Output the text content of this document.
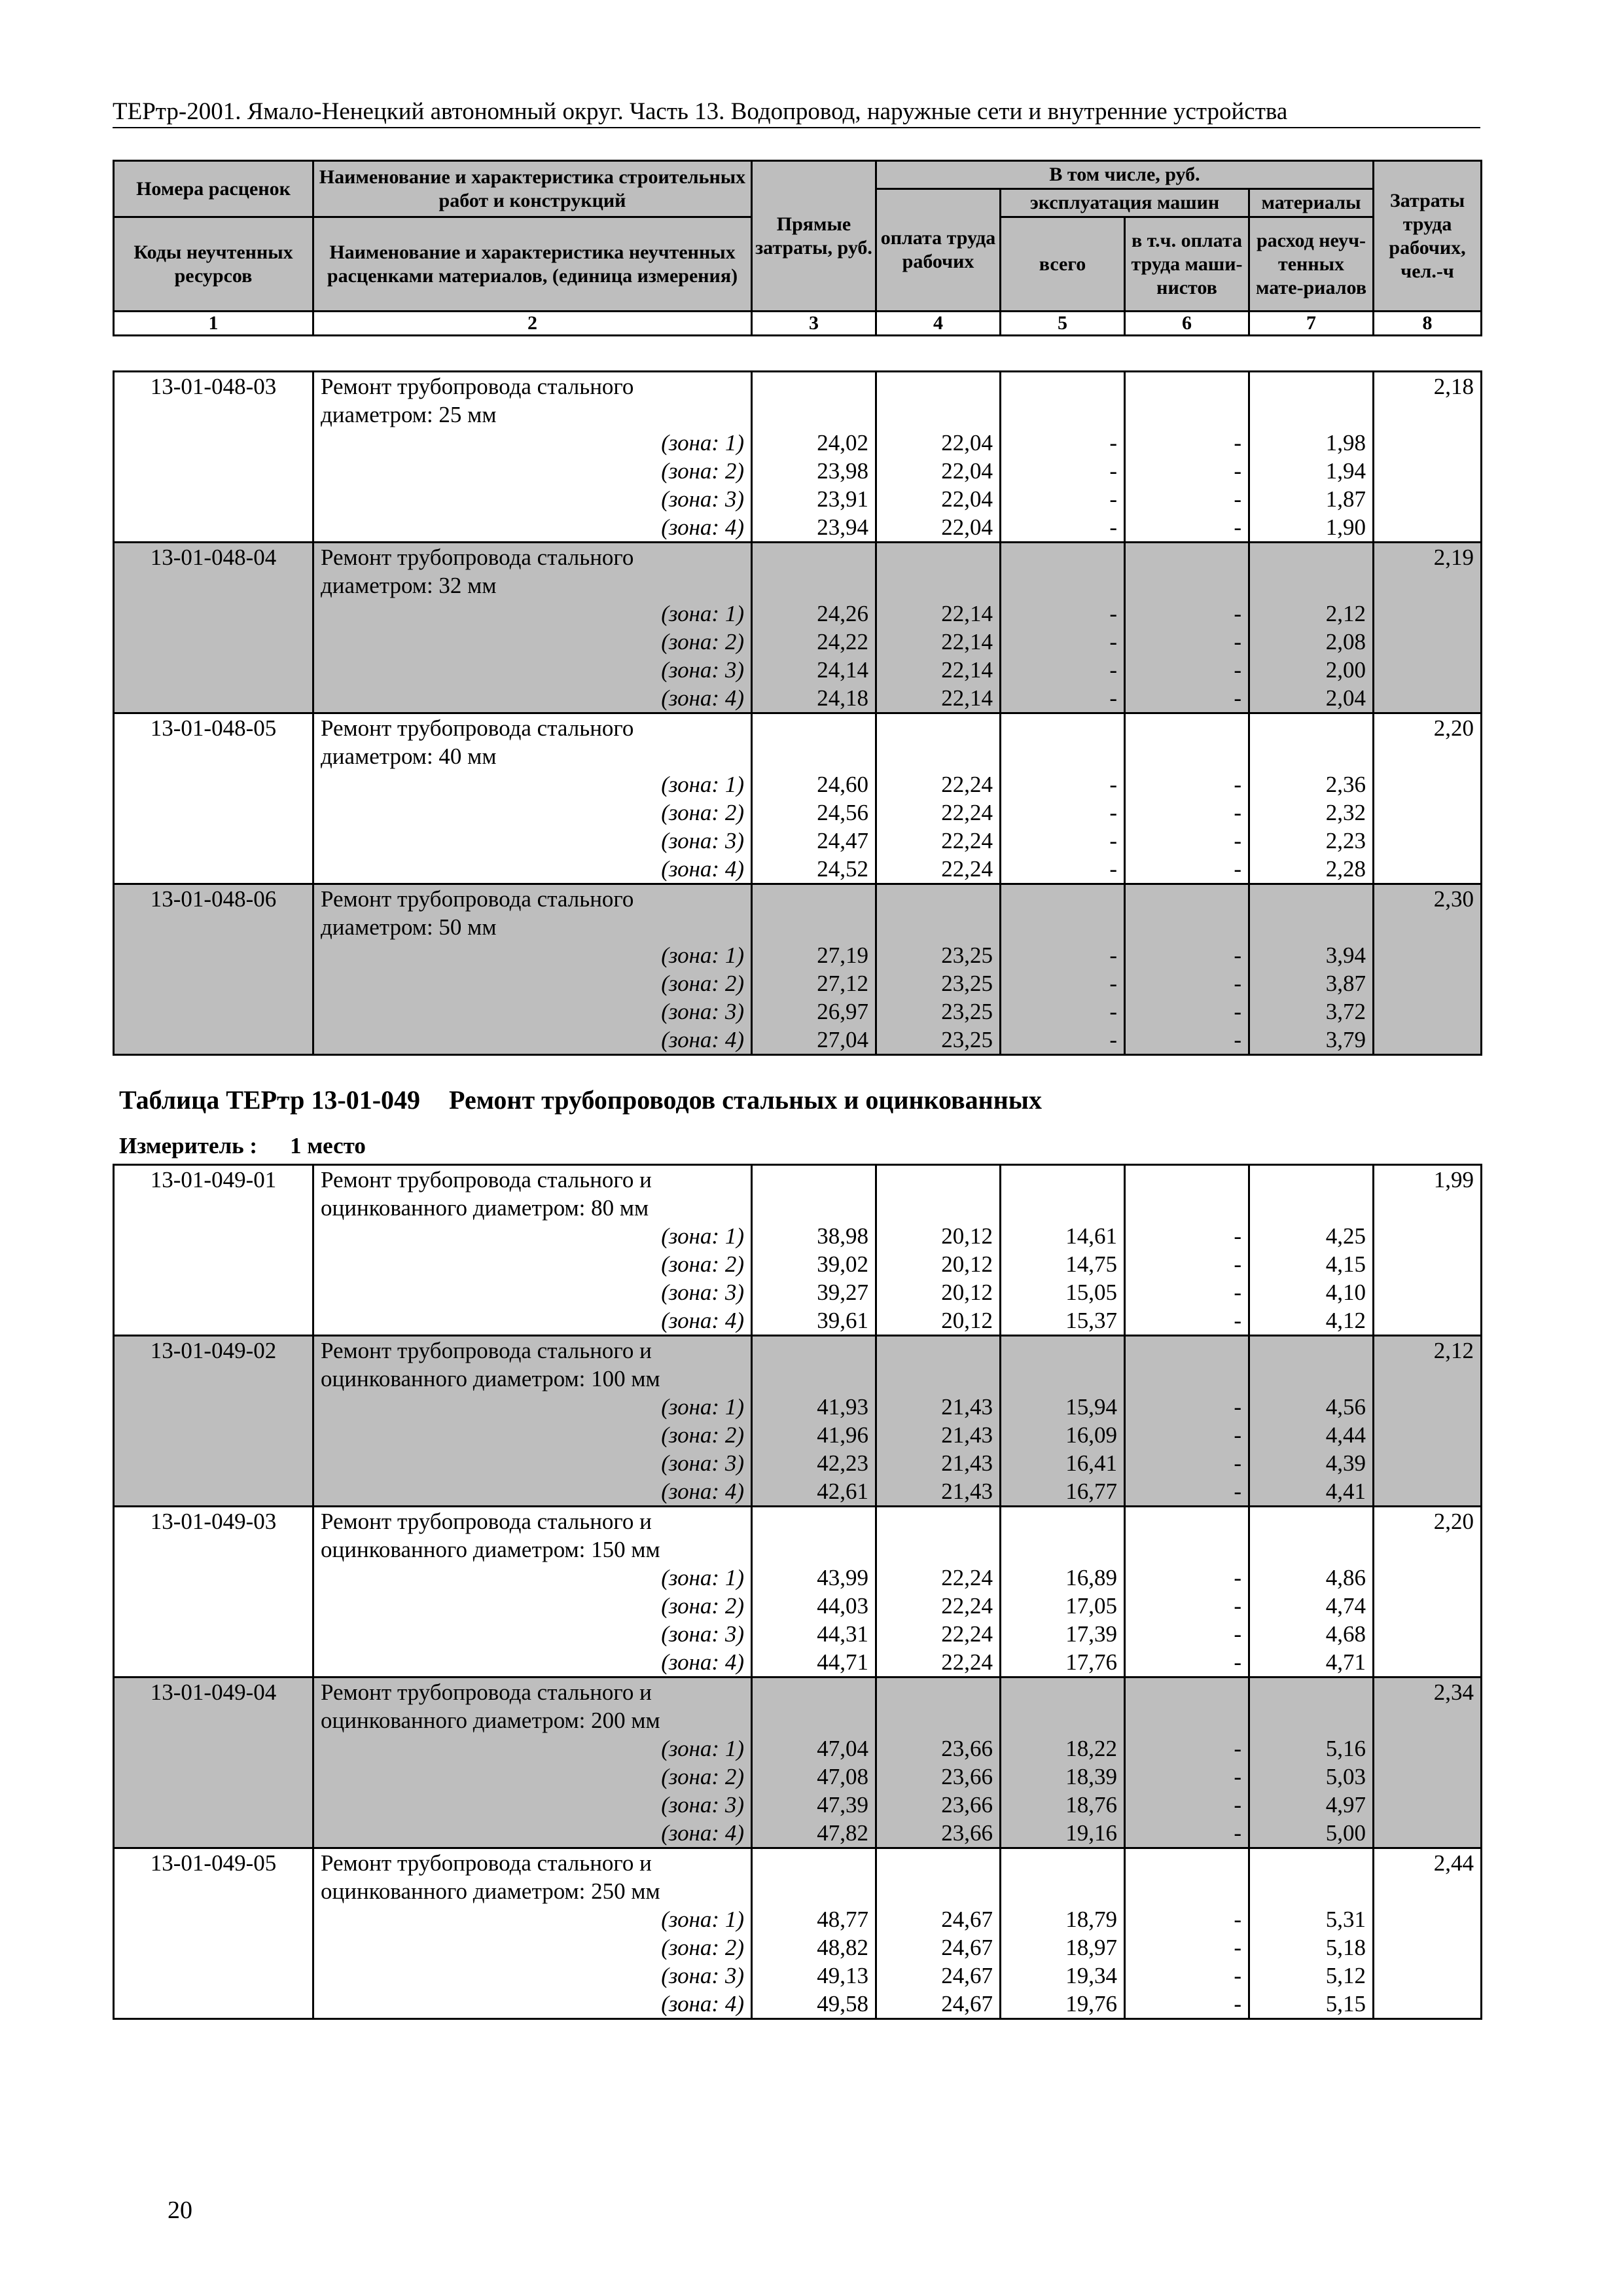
ТЕРтр-2001. Ямало-Ненецкий автономный округ. Часть 13. Водопровод, наружные сети и внутренние устройства
Номера расценок	Наименование и характеристика строительных работ и конструкций	Прямые затраты, руб.	В том числе, руб.				Затраты труда рабочих, чел.-ч
			оплата труда рабочих	эксплуатация машин		материалы	
Коды неучтенных ресурсов	Наименование и характеристика неучтенных расценками материалов, (единица измерения)			всего	в т.ч. оплата труда маши-нистов	расход неуч-тенных мате-риалов	

1	2	3	4	5	6	7	8
13-01-048-03	Ремонт трубопровода стального						2,18
	диаметром: 25 мм						
	(зона: 1)	24,02	22,04	-	-	1,98	
	(зона: 2)	23,98	22,04	-	-	1,94	
	(зона: 3)	23,91	22,04	-	-	1,87	
	(зона: 4)	23,94	22,04	-	-	1,90	
13-01-048-04	Ремонт трубопровода стального						2,19
	диаметром: 32 мм						
	(зона: 1)	24,26	22,14	-	-	2,12	
	(зона: 2)	24,22	22,14	-	-	2,08	
	(зона: 3)	24,14	22,14	-	-	2,00	
	(зона: 4)	24,18	22,14	-	-	2,04	
13-01-048-05	Ремонт трубопровода стального						2,20
	диаметром: 40 мм						
	(зона: 1)	24,60	22,24	-	-	2,36	
	(зона: 2)	24,56	22,24	-	-	2,32	
	(зона: 3)	24,47	22,24	-	-	2,23	
	(зона: 4)	24,52	22,24	-	-	2,28	
13-01-048-06	Ремонт трубопровода стального						2,30
	диаметром: 50 мм						
	(зона: 1)	27,19	23,25	-	-	3,94	
	(зона: 2)	27,12	23,25	-	-	3,87	
	(зона: 3)	26,97	23,25	-	-	3,72	
	(зона: 4)	27,04	23,25	-	-	3,79	
Таблица ТЕРтр 13-01-049 Ремонт трубопроводов стальных и оцинкованных
Измеритель : 1 место
13-01-049-01	Ремонт трубопровода стального и						1,99
	оцинкованного диаметром: 80 мм						
	(зона: 1)	38,98	20,12	14,61	-	4,25	
	(зона: 2)	39,02	20,12	14,75	-	4,15	
	(зона: 3)	39,27	20,12	15,05	-	4,10	
	(зона: 4)	39,61	20,12	15,37	-	4,12	
13-01-049-02	Ремонт трубопровода стального и						2,12
	оцинкованного диаметром: 100 мм						
	(зона: 1)	41,93	21,43	15,94	-	4,56	
	(зона: 2)	41,96	21,43	16,09	-	4,44	
	(зона: 3)	42,23	21,43	16,41	-	4,39	
	(зона: 4)	42,61	21,43	16,77	-	4,41	
13-01-049-03	Ремонт трубопровода стального и						2,20
	оцинкованного диаметром: 150 мм						
	(зона: 1)	43,99	22,24	16,89	-	4,86	
	(зона: 2)	44,03	22,24	17,05	-	4,74	
	(зона: 3)	44,31	22,24	17,39	-	4,68	
	(зона: 4)	44,71	22,24	17,76	-	4,71	
13-01-049-04	Ремонт трубопровода стального и						2,34
	оцинкованного диаметром: 200 мм						
	(зона: 1)	47,04	23,66	18,22	-	5,16	
	(зона: 2)	47,08	23,66	18,39	-	5,03	
	(зона: 3)	47,39	23,66	18,76	-	4,97	
	(зона: 4)	47,82	23,66	19,16	-	5,00	
13-01-049-05	Ремонт трубопровода стального и						2,44
	оцинкованного диаметром: 250 мм						
	(зона: 1)	48,77	24,67	18,79	-	5,31	
	(зона: 2)	48,82	24,67	18,97	-	5,18	
	(зона: 3)	49,13	24,67	19,34	-	5,12	
	(зона: 4)	49,58	24,67	19,76	-	5,15	
20
